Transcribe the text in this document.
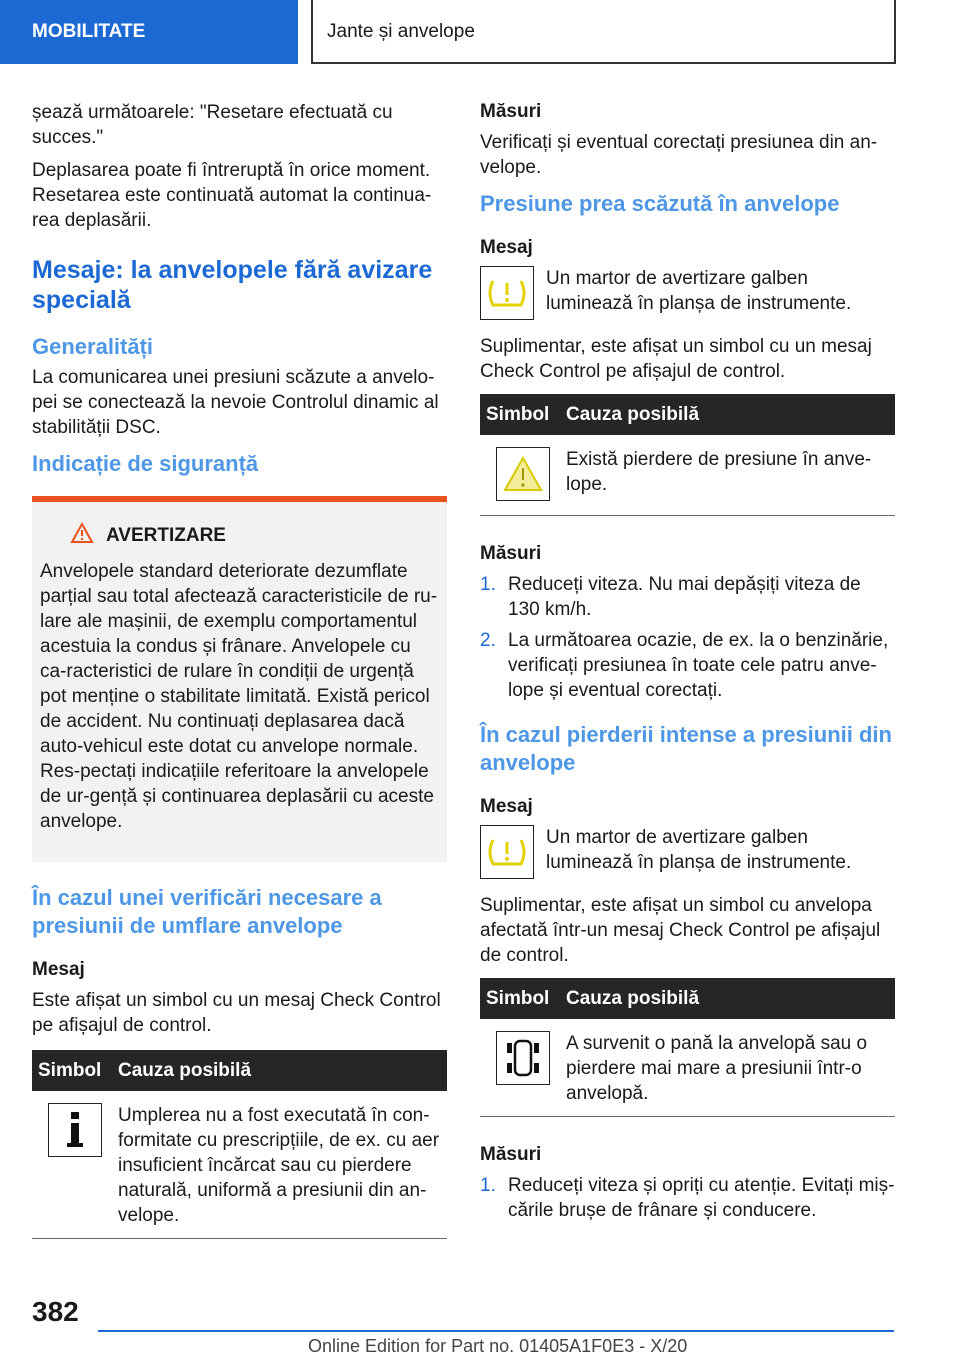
MOBILITATE	Jante și anvelope

șează următoarele: "Resetare efectuată cu succes."

Deplasarea poate fi întreruptă în orice moment. Resetarea este continuată automat la continua-rea deplasării.

Mesaje: la anvelopele fără avizare specială
Generalități

La comunicarea unei presiuni scăzute a anvelo-pei se conectează la nevoie Controlul dinamic al stabilității DSC.

Indicație de siguranță
AVERTIZARE

Anvelopele standard deteriorate dezumflate parțial sau total afectează caracteristicile de ru-lare ale mașinii, de exemplu comportamentul acestuia la condus și frânare. Anvelopele cu ca-racteristici de rulare în condiții de urgență pot menține o stabilitate limitată. Există pericol de accident. Nu continuați deplasarea dacă auto-vehicul este dotat cu anvelope normale. Res-pectați indicațiile referitoare la anvelopele de ur-gență și continuarea deplasării cu aceste anvelope.

În cazul unei verificări necesare a presiunii de umflare anvelope
Mesaj

Este afișat un simbol cu un mesaj Check Control pe afișajul de control.

Simbol Cauza posibilă
Umplerea nu a fost executată în con-formitate cu prescripțiile, de ex. cu aer insuficient încărcat sau cu pierdere naturală, uniformă a presiunii din an-velope.
Măsuri

Verificați și eventual corectați presiunea din an-velope.

Presiune prea scăzută în anvelope
Mesaj
Un martor de avertizare galben luminează în planșa de instrumente.

Suplimentar, este afișat un simbol cu un mesaj Check Control pe afișajul de control.

Simbol Cauza posibilă
Există pierdere de presiune în anve-lope.
Măsuri
1. Reduceți viteza. Nu mai depășiți viteza de 130 km/h.
2. La următoarea ocazie, de ex. la o benzinărie, verificați presiunea în toate cele patru anve-lope și eventual corectați.
În cazul pierderii intense a presiunii din anvelope
Mesaj
Un martor de avertizare galben luminează în planșa de instrumente.

Suplimentar, este afișat un simbol cu anvelopa afectată într-un mesaj Check Control pe afișajul de control.

Simbol Cauza posibilă
A survenit o pană la anvelopă sau o pierdere mai mare a presiunii într-o anvelopă.
Măsuri
1. Reduceți viteza și opriți cu atenție. Evitați miș-cările brușe de frânare și conducere.
382
Online Edition for Part no. 01405A1F0E3 - X/20
